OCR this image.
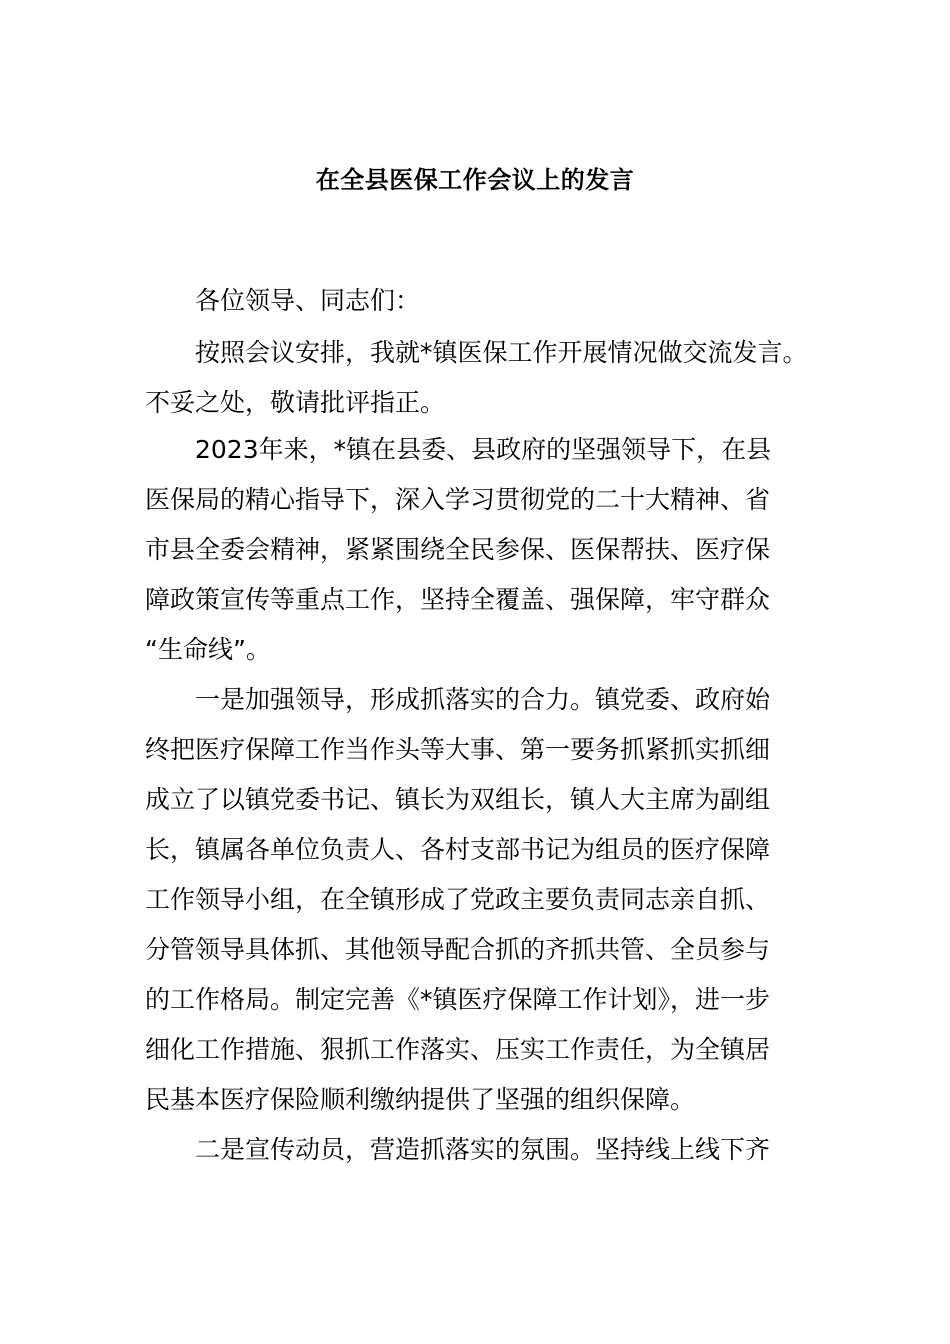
在全县医保工作会议上的发言
各位领导、同志们：
按照会议安排，我就*镇医保工作开展情况做交流发言。
不妥之处，敬请批评指正。
2023年来，*镇在县委、县政府的坚强领导下，在县
医保局的精心指导下，深入学习贯彻党的二十大精神、省
市县全委会精神，紧紧围绕全民参保、医保帮扶、医疗保
障政策宣传等重点工作，坚持全覆盖、强保障，牢守群众
“生命线”。
一是加强领导，形成抓落实的合力。镇党委、政府始
终把医疗保障工作当作头等大事、第一要务抓紧抓实抓细
成立了以镇党委书记、镇长为双组长，镇人大主席为副组
长，镇属各单位负责人、各村支部书记为组员的医疗保障
工作领导小组，在全镇形成了党政主要负责同志亲自抓、
分管领导具体抓、其他领导配合抓的齐抓共管、全员参与
的工作格局。制定完善《*镇医疗保障工作计划》，进一步
细化工作措施、狠抓工作落实、压实工作责任，为全镇居
民基本医疗保险顺利缴纳提供了坚强的组织保障。
二是宣传动员，营造抓落实的氛围。坚持线上线下齐
